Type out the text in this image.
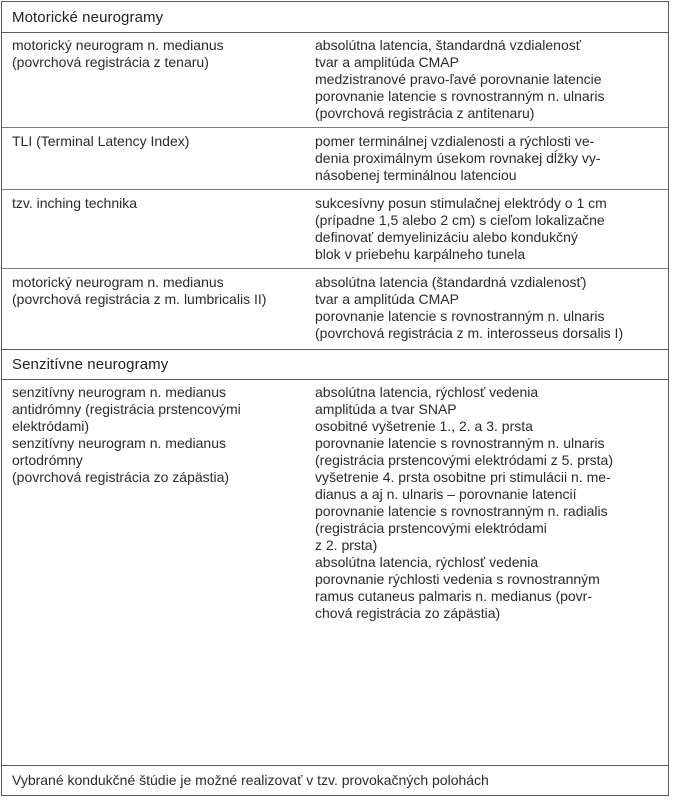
Motorické neurogramy
motorický neurogram n. medianus
(povrchová registrácia z tenaru)
absolútna latencia, štandardná vzdialenosť
tvar a amplitúda CMAP
medzistranové pravo-ľavé porovnanie latencie
porovnanie latencie s rovnostranným n. ulnaris
(povrchová registrácia z antitenaru)
TLI (Terminal Latency Index)	pomer terminálnej vzdialenosti a rýchlosti ve-
denia proximálnym úsekom rovnakej dĺžky vy-
násobenej terminálnou latenciou
tzv. inching technika	sukcesívny posun stimulačnej elektródy o 1 cm
(prípadne 1,5 alebo 2 cm) s cieľom lokalizačne
definovať demyelinizáciu alebo kondukčný
blok v priebehu karpálneho tunela
motorický neurogram n. medianus
(povrchová registrácia z m. lumbricalis II)
absolútna latencia (štandardná vzdialenosť)
tvar a amplitúda CMAP
porovnanie latencie s rovnostranným n. ulnaris
(povrchová registrácia z m. interosseus dorsalis I)
Senzitívne neurogramy
senzitívny neurogram n. medianus
antidrómny (registrácia prstencovými
elektródami)
senzitívny neurogram n. medianus
ortodrómny
(povrchová registrácia zo zápästia)
absolútna latencia, rýchlosť vedenia
amplitúda a tvar SNAP
osobitné vyšetrenie 1., 2. a 3. prsta
porovnanie latencie s rovnostranným n. ulnaris
(registrácia prstencovými elektródami z 5. prsta)
vyšetrenie 4. prsta osobitne pri stimulácii n. me-
dianus a aj n. ulnaris – porovnanie latencií
porovnanie latencie s rovnostranným n. radialis
(registrácia prstencovými elektródami
z 2. prsta)
absolútna latencia, rýchlosť vedenia
porovnanie rýchlosti vedenia s rovnostranným
ramus cutaneus palmaris n. medianus (povr-
chová registrácia zo zápästia)
Vybrané kondukčné štúdie je možné realizovať v tzv. provokačných polohách
